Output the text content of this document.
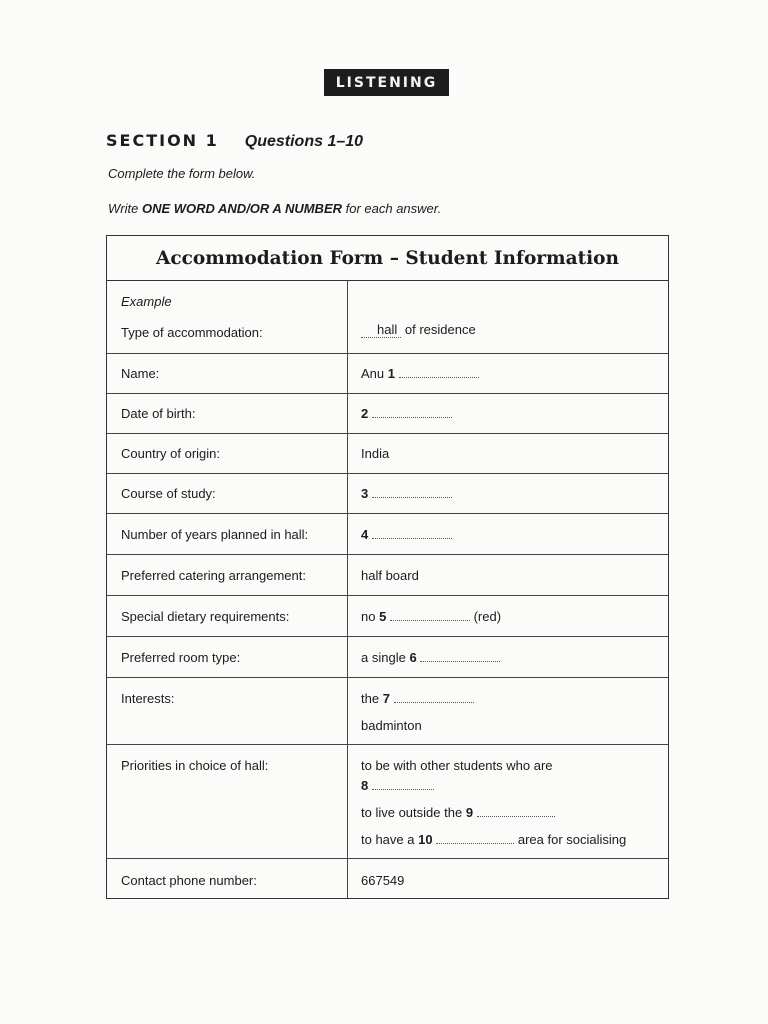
LISTENING
SECTION 1 Questions 1–10
Complete the form below.
Write ONE WORD AND/OR A NUMBER for each answer.
Accommodation Form – Student Information
Example
Type of accommodation:	hall of residence
Name:	Anu 1
Date of birth:	2
Country of origin:	India
Course of study:	3
Number of years planned in hall:	4
Preferred catering arrangement:	half board
Special dietary requirements:	no 5	(red)
Preferred room type:	a single 6
Interests:	the 7
badminton
Priorities in choice of hall:	to be with other students who are
8
to live outside the 9
to have a 10	area for socialising
Contact phone number:	667549
